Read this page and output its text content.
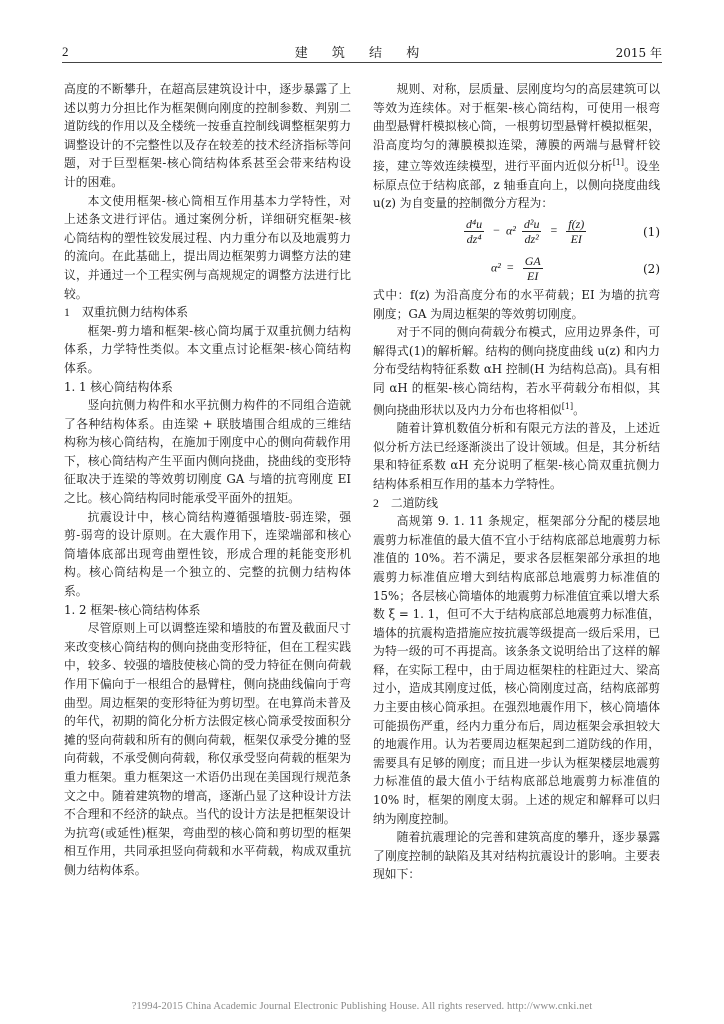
2	建 筑 结 构	2015 年

高度的不断攀升，在超高层建筑设计中，逐步暴露了上述以剪力分担比作为框架侧向刚度的控制参数、判别二道防线的作用以及全楼统一按垂直控制线调整框架剪力调整设计的不完整性以及存在较差的技术经济指标等问题，对于巨型框架-核心筒结构体系甚至会带来结构设计的困难。

本文使用框架-核心筒相互作用基本力学特性，对上述条文进行评估。通过案例分析，详细研究框架-核心筒结构的塑性铰发展过程、内力重分布以及地震剪力的流向。在此基础上，提出周边框架剪力调整方法的建议，并通过一个工程实例与高规规定的调整方法进行比较。

1 双重抗侧力结构体系

框架-剪力墙和框架-核心筒均属于双重抗侧力结构体系，力学特性类似。本文重点讨论框架-核心筒结构体系。

1. 1 核心筒结构体系

竖向抗侧力构件和水平抗侧力构件的不同组合造就了各种结构体系。由连梁 + 联肢墙围合组成的三维结构称为核心筒结构，在施加于刚度中心的侧向荷载作用下，核心筒结构产生平面内侧向挠曲，挠曲线的变形特征取决于连梁的等效剪切刚度 GA 与墙的抗弯刚度 EI 之比。核心筒结构同时能承受平面外的扭矩。

抗震设计中，核心筒结构遵循强墙肢-弱连梁，强剪-弱弯的设计原则。在大震作用下，连梁端部和核心筒墙体底部出现弯曲塑性铰，形成合理的耗能变形机构。核心筒结构是一个独立的、完整的抗侧力结构体系。

1. 2 框架-核心筒结构体系

尽管原则上可以调整连梁和墙肢的布置及截面尺寸来改变核心筒结构的侧向挠曲变形特征，但在工程实践中，较多、较强的墙肢使核心筒的受力特征在侧向荷载作用下偏向于一根组合的悬臂柱，侧向挠曲线偏向于弯曲型。周边框架的变形特征为剪切型。在电算尚未普及的年代，初期的简化分析方法假定核心筒承受按面积分摊的竖向荷载和所有的侧向荷载，框架仅承受分摊的竖向荷载，不承受侧向荷载，称仅承受竖向荷载的框架为重力框架。重力框架这一术语仍出现在美国现行规范条文之中。随着建筑物的增高，逐渐凸显了这种设计方法不合理和不经济的缺点。当代的设计方法是把框架设计为抗弯(或延性)框架，弯曲型的核心筒和剪切型的框架相互作用，共同承担竖向荷载和水平荷载，构成双重抗侧力结构体系。

规则、对称，层质量、层刚度均匀的高层建筑可以等效为连续体。对于框架-核心筒结构，可使用一根弯曲型悬臂杆模拟核心筒，一根剪切型悬臂杆模拟框架，沿高度均匀的薄膜模拟连梁，薄膜的两端与悬臂杆铰接，建立等效连续模型，进行平面内近似分析[1]。设坐标原点位于结构底部，z 轴垂直向上，以侧向挠度曲线 u(z) 为自变量的控制微分方程为：

$\frac{\text{d⁴u}}{\text{dz⁴}} - \alpha^2 \frac{\text{d²u}}{\text{dz²}} = \frac{f(z)}{EI}$	(1)
$\alpha^2 = \frac{GA}{EI}$	(2)

式中：f(z) 为沿高度分布的水平荷载；EI 为墙的抗弯刚度；GA 为周边框架的等效剪切刚度。

对于不同的侧向荷载分布模式，应用边界条件，可解得式(1)的解析解。结构的侧向挠度曲线 u(z) 和内力分布受结构特征系数 αH 控制(H 为结构总高)。具有相同 αH 的框架-核心筒结构，若水平荷载分布相似，其侧向挠曲形状以及内力分布也将相似[1]。

随着计算机数值分析和有限元方法的普及，上述近似分析方法已经逐渐淡出了设计领域。但是，其分析结果和特征系数 αH 充分说明了框架-核心筒双重抗侧力结构体系相互作用的基本力学特性。

2 二道防线

高规第 9. 1. 11 条规定，框架部分分配的楼层地震剪力标准值的最大值不宜小于结构底部总地震剪力标准值的 10%。若不满足，要求各层框架部分承担的地震剪力标准值应增大到结构底部总地震剪力标准值的 15%；各层核心筒墙体的地震剪力标准值宜乘以增大系数 ξ = 1. 1，但可不大于结构底部总地震剪力标准值，墙体的抗震构造措施应按抗震等级提高一级后采用，已为特一级的可不再提高。该条条文说明给出了这样的解释，在实际工程中，由于周边框架柱的柱距过大、梁高过小，造成其刚度过低，核心筒刚度过高，结构底部剪力主要由核心筒承担。在强烈地震作用下，核心筒墙体可能损伤严重，经内力重分布后，周边框架会承担较大的地震作用。认为若要周边框架起到二道防线的作用，需要具有足够的刚度；而且进一步认为框架楼层地震剪力标准值的最大值小于结构底部总地震剪力标准值的10% 时，框架的刚度太弱。上述的规定和解释可以归纳为刚度控制。

随着抗震理论的完善和建筑高度的攀升，逐步暴露了刚度控制的缺陷及其对结构抗震设计的影响。主要表现如下：

?1994-2015 China Academic Journal Electronic Publishing House. All rights reserved. http://www.cnki.net
